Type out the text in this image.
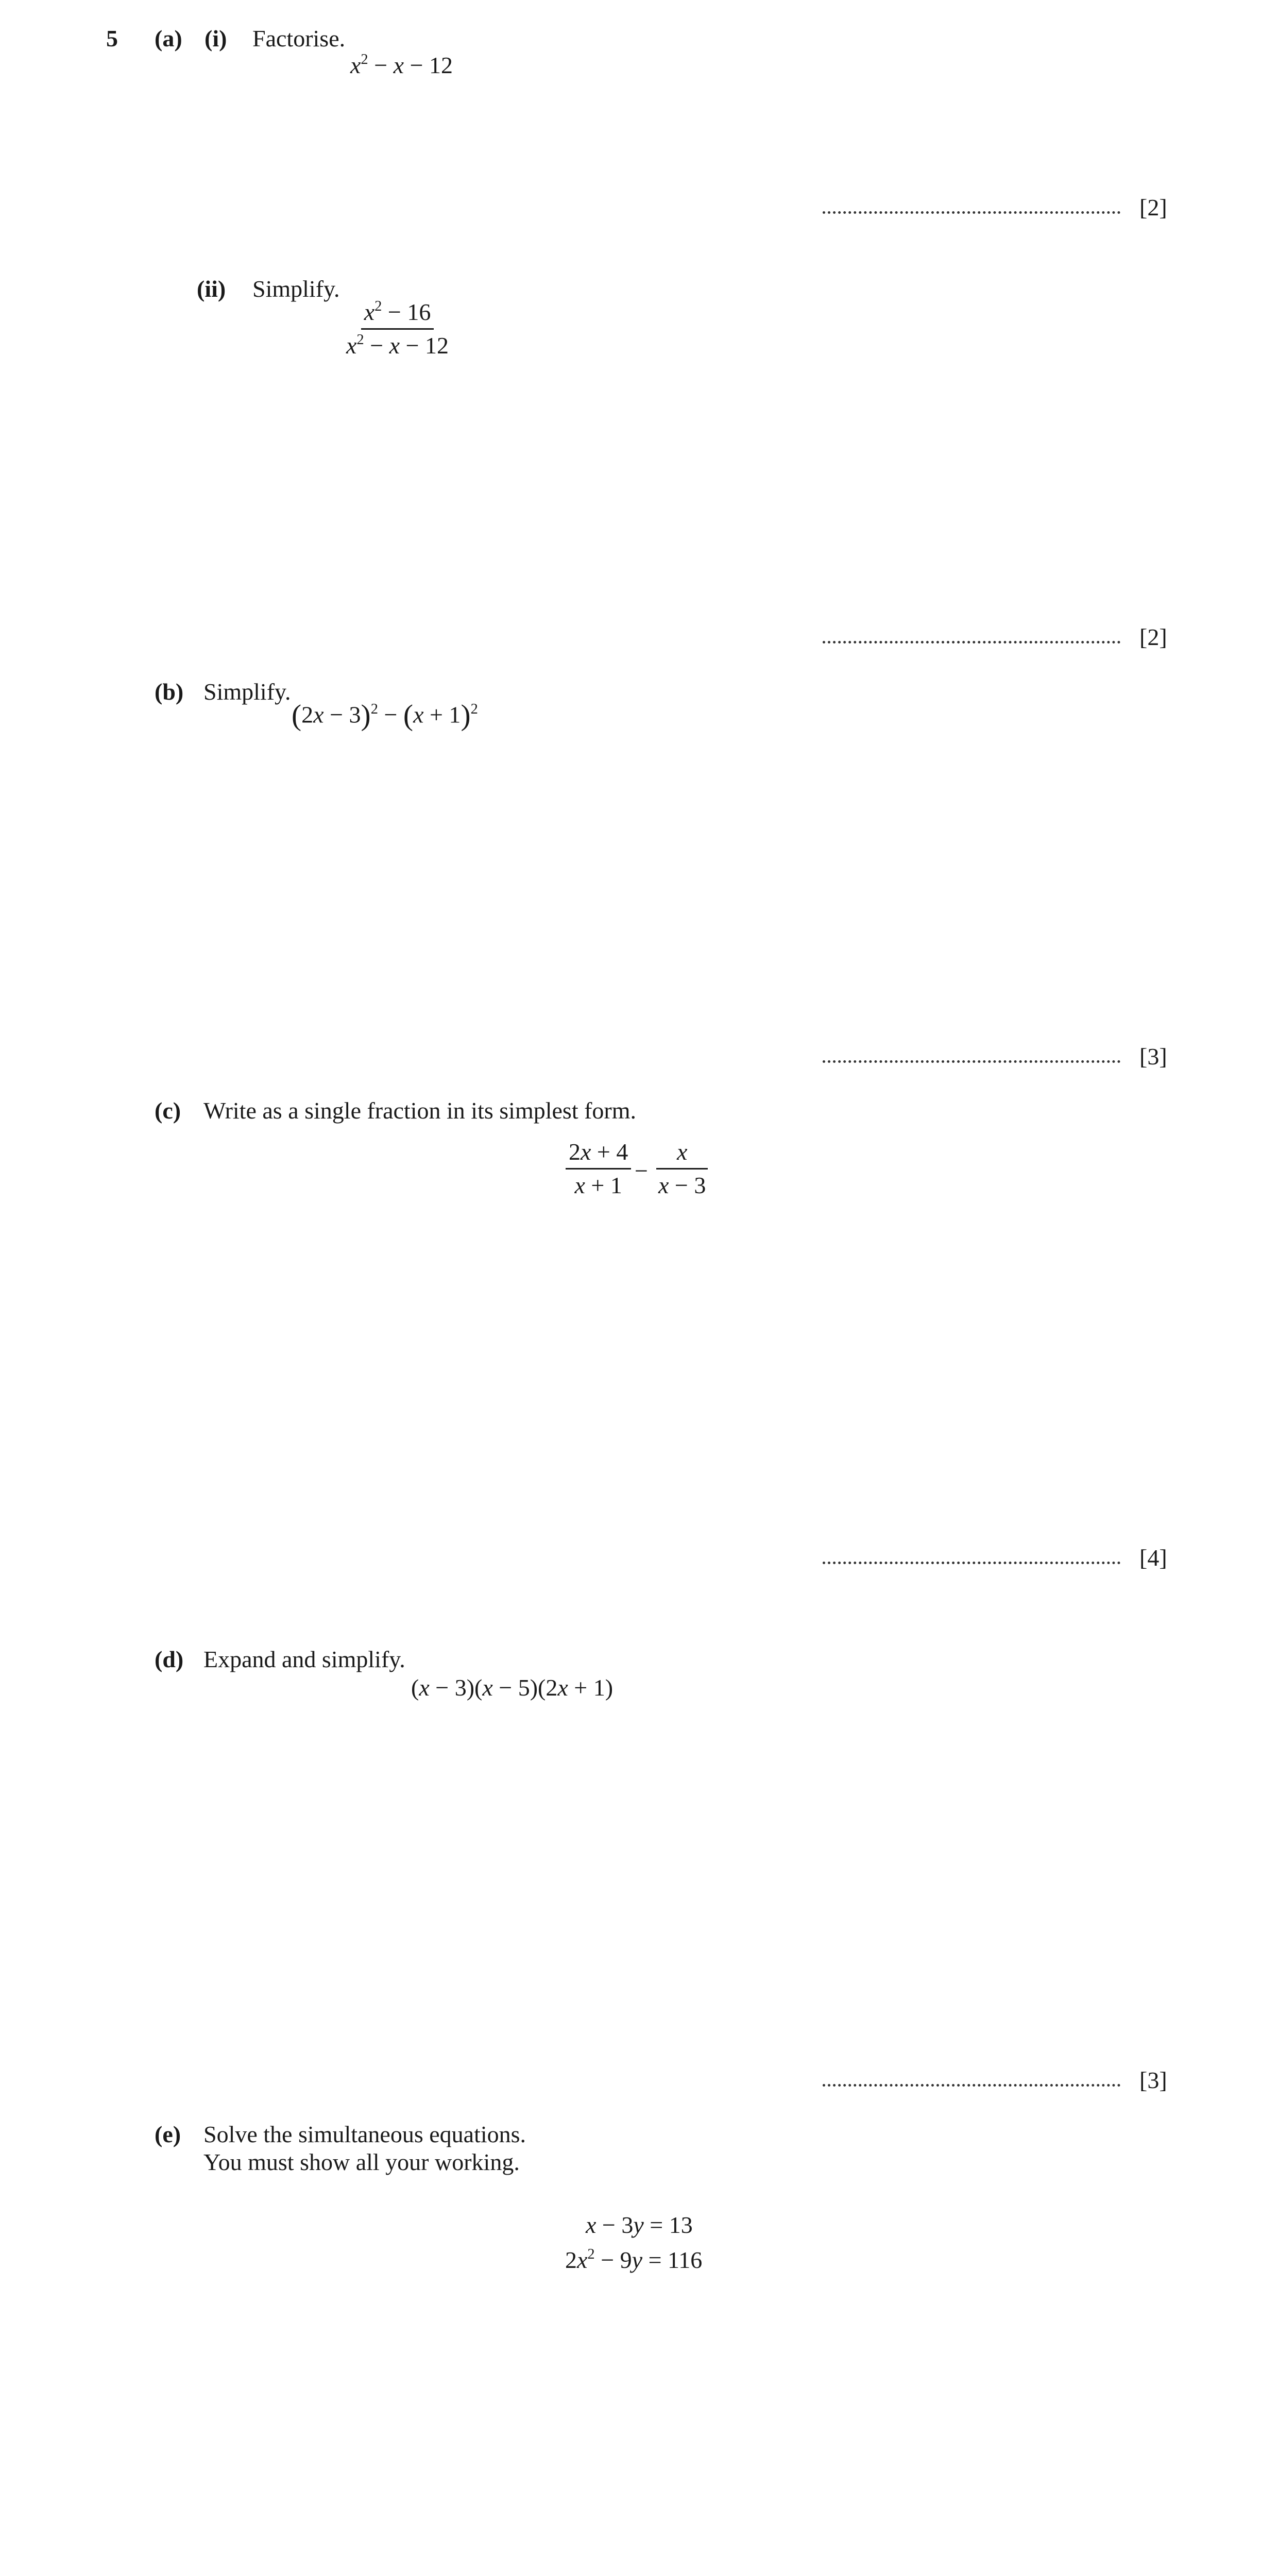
5 (a) (i) Factorise.
$x^2 - x - 12$
[2]
(ii) Simplify.
$\frac{x^2 - 16}{x^2 - x - 12}$
[2]
(b) Simplify.
$(2x - 3)^2 - (x + 1)^2$
[3]
(c) Write as a single fraction in its simplest form.
$\frac{2x + 4}{x + 1} - \frac{x}{x - 3}$
[4]
(d) Expand and simplify.
(x − 3)(x − 5)(2x + 1)
[3]
(e) Solve the simultaneous equations.
You must show all your working.
x − 3y = 13
$2x^2 - 9y = 116$
